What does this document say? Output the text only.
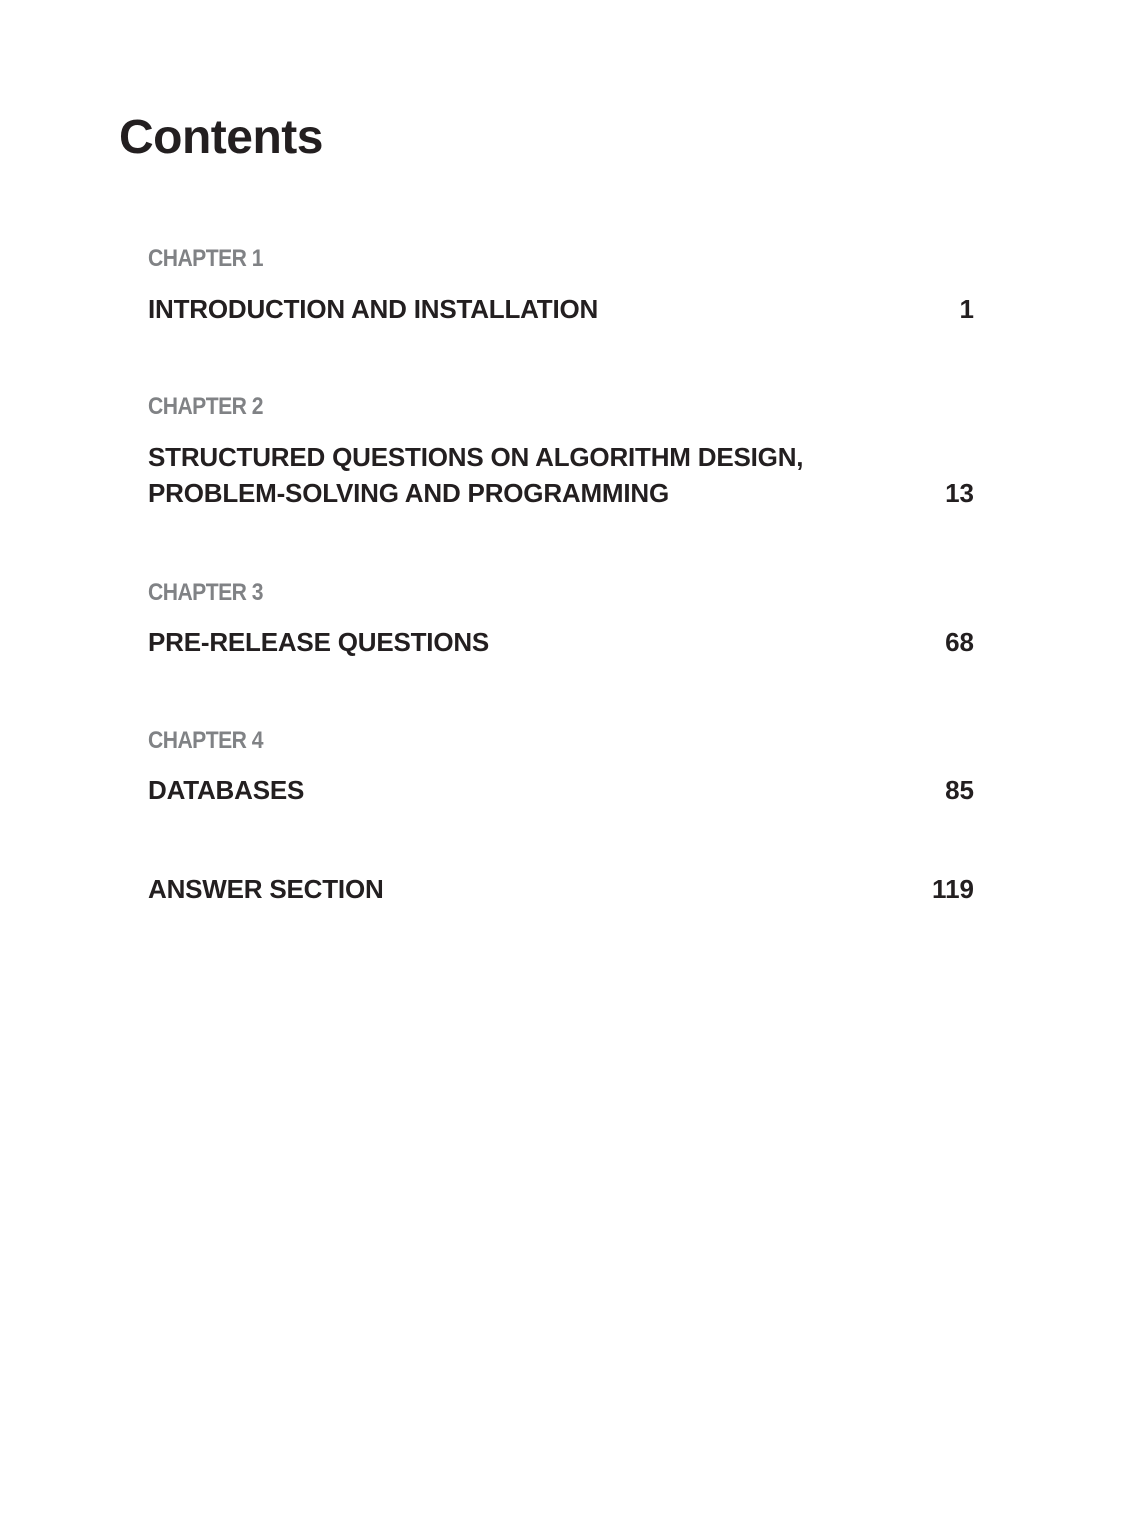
Contents
CHAPTER 1
INTRODUCTION AND INSTALLATION	1
CHAPTER 2
STRUCTURED QUESTIONS ON ALGORITHM DESIGN,
PROBLEM-SOLVING AND PROGRAMMING	13
CHAPTER 3
PRE-RELEASE QUESTIONS	68
CHAPTER 4
DATABASES	85
ANSWER SECTION	119
